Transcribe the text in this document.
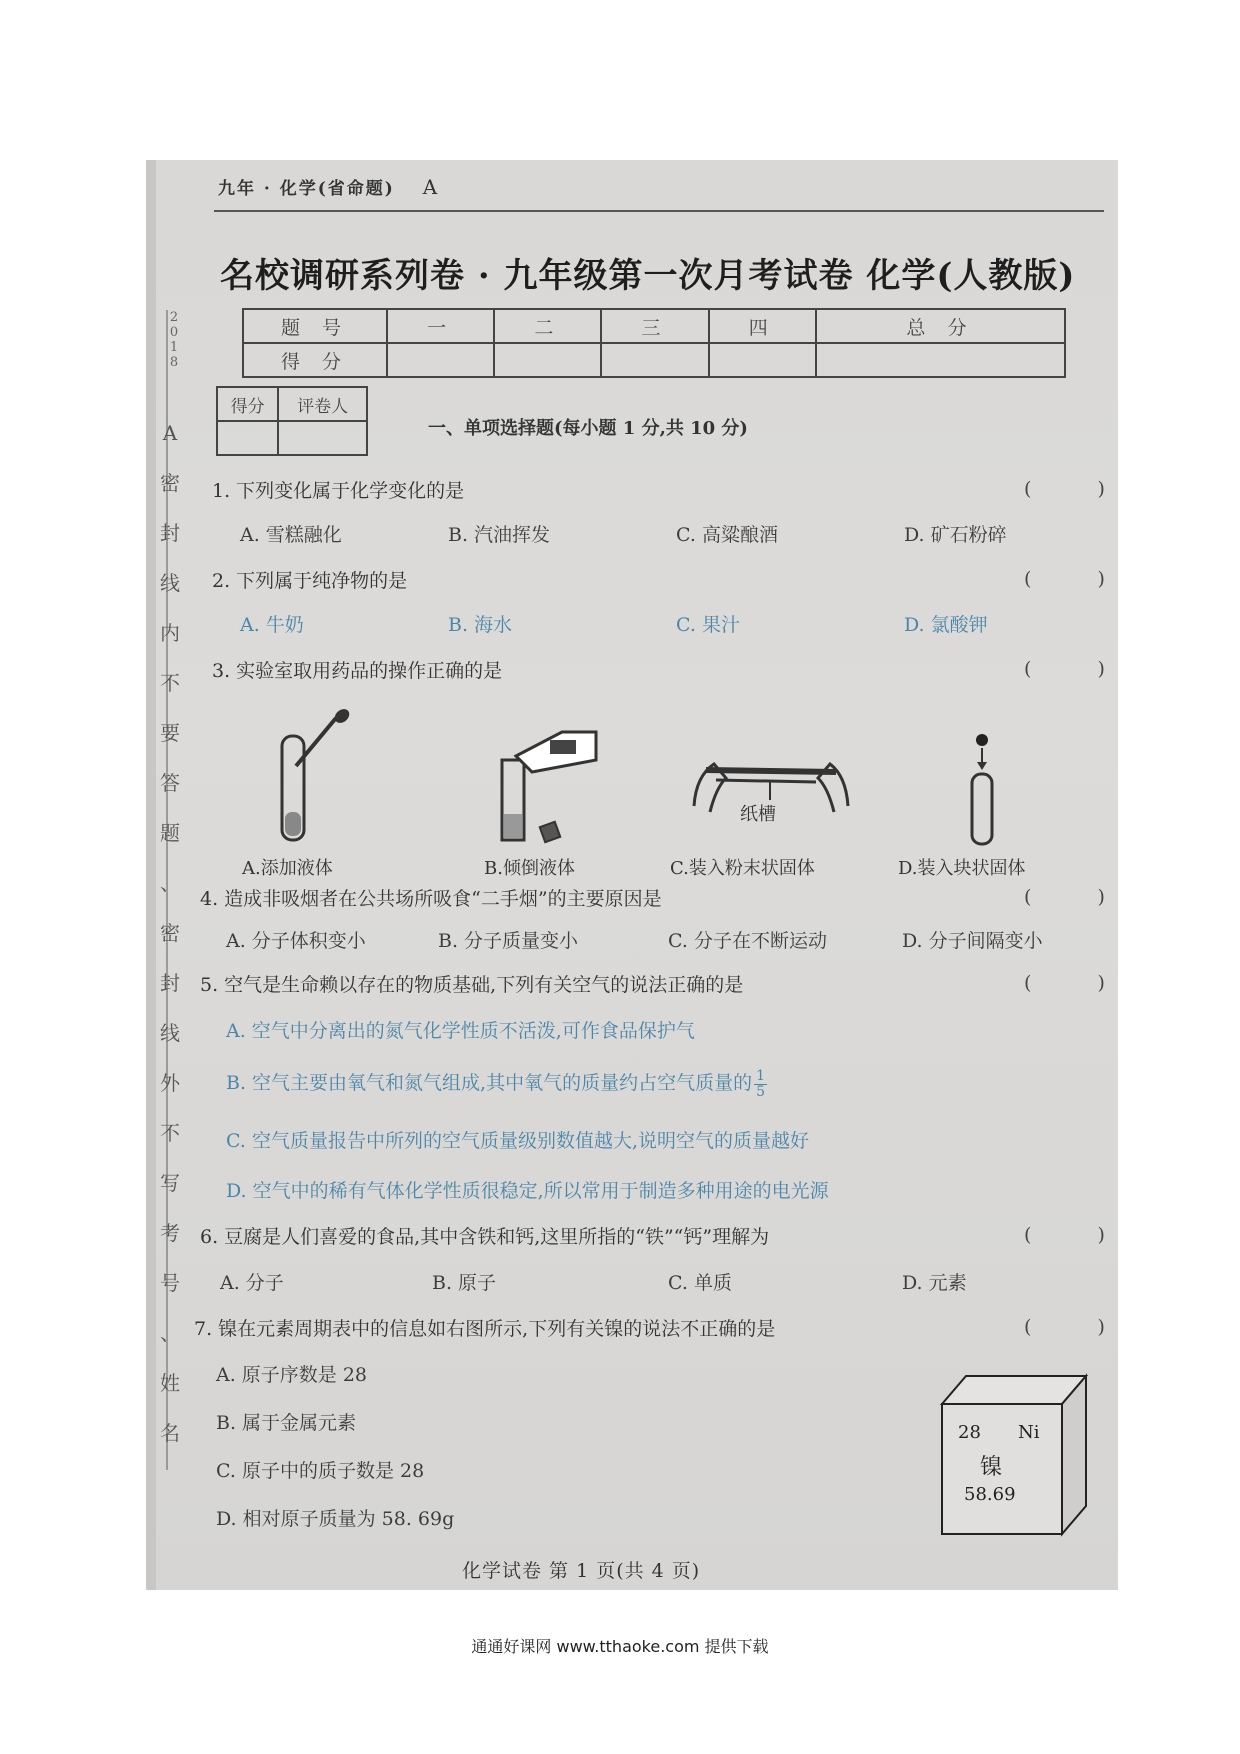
2
0
1
8
A
密
封
线
内
不
要
答
题
、
密
封
线
外
不
写
考
号
、
姓
名
九年 · 化学(省命题) A
名校调研系列卷 · 九年级第一次月考试卷 化学(人教版)
题 号	一	二	三	四	总 分
得 分					
得分	评卷人

一、单项选择题(每小题 1 分,共 10 分)
1. 下列变化属于化学变化的是	( )
A. 雪糕融化	B. 汽油挥发	C. 高粱酿酒	D. 矿石粉碎
2. 下列属于纯净物的是	( )
A. 牛奶	B. 海水	C. 果汁	D. 氯酸钾
3. 实验室取用药品的操作正确的是	( )
纸槽
A.添加液体	B.倾倒液体	C.装入粉末状固体	D.装入块状固体
4. 造成非吸烟者在公共场所吸食“二手烟”的主要原因是	( )
A. 分子体积变小	B. 分子质量变小	C. 分子在不断运动	D. 分子间隔变小
5. 空气是生命赖以存在的物质基础,下列有关空气的说法正确的是	( )
A. 空气中分离出的氮气化学性质不活泼,可作食品保护气
B. 空气主要由氧气和氮气组成,其中氧气的质量约占空气质量的 $\frac{1}{5}$
C. 空气质量报告中所列的空气质量级别数值越大,说明空气的质量越好
D. 空气中的稀有气体化学性质很稳定,所以常用于制造多种用途的电光源
6. 豆腐是人们喜爱的食品,其中含铁和钙,这里所指的“铁”“钙”理解为	( )
A. 分子	B. 原子	C. 单质	D. 元素
7. 镍在元素周期表中的信息如右图所示,下列有关镍的说法不正确的是	( )
A. 原子序数是 28
B. 属于金属元素
C. 原子中的质子数是 28
D. 相对原子质量为 58. 69g
28 Ni
镍
58.69
化学试卷 第 1 页(共 4 页)
通通好课网 www.tthaoke.com 提供下载
